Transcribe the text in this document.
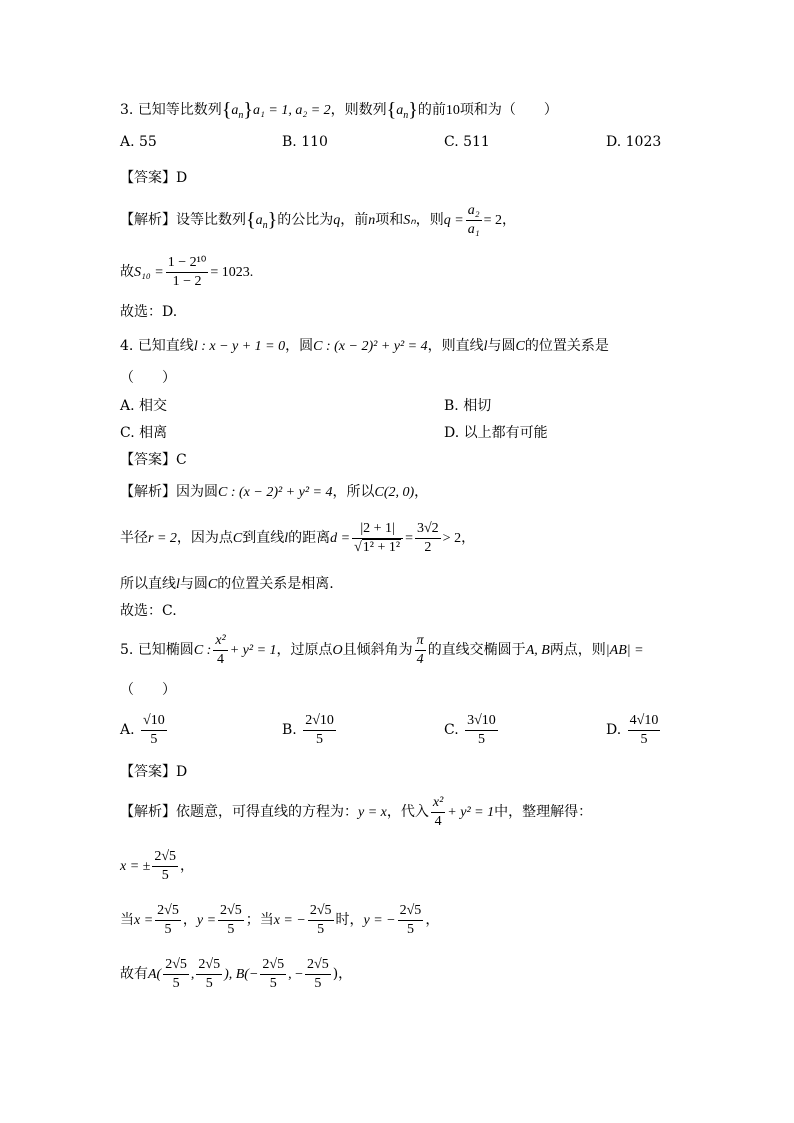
3. 已知等比数列$\{a_n\}a_1 = 1$, a₂ = 2，则数列$\{a_n\}$的前10项和为（　　）
A. 55	B. 110	C. 511	D. 1023
【答案】D
【解析】设等比数列$\{a_n\}$的公比为q，前n项和Sₙ，则$q = \frac{\text{a₂}}{\text{a₁}} = 2$，
故$S_{10} = \frac{\text{1 − 2¹⁰}}{1 - 2} = 1023$.
故选：D.
4. 已知直线l : x − y + 1 = 0，圆C : (x − 2)² + y² = 4，则直线l与圆C的位置关系是
（　　）
A. 相交	B. 相切
C. 相离	D. 以上都有可能
【答案】C
【解析】因为圆C : (x − 2)² + y² = 4，所以C(2, 0)，
半径r = 2，因为点C到直线l的距离$d = \frac{|2 + 1|}{\text{√1² + 1²}} = \frac{3√2}{2} > 2$，
所以直线l与圆C的位置关系是相离.
故选：C.
5. 已知椭圆C : $\frac{\text{x²}}{4} + y^2 = 1$，过原点O且倾斜角为 $\frac{\pi}{4}$ 的直线交椭圆于A, B两点，则|AB| =
（　　）
A. $\frac{√10}{5}$	B. $\frac{2√10}{5}$	C. $\frac{3√10}{5}$	D. $\frac{4√10}{5}$
【答案】D
【解析】依题意，可得直线的方程为：y = x，代入 $\frac{\text{x²}}{4} + y^2 = 1$中，整理解得：
x = ± $\frac{2√5}{5}$ ，
当$x = \frac{2√5}{5}$ ，$y = \frac{2√5}{5}$ ；当x = − $\frac{2√5}{5}$ 时，y = − $\frac{2√5}{5}$ ，
故有$A( \frac{2√5}{5}$ , $\frac{2√5}{5}$ ), $B(- \frac{2√5}{5}$ , − $\frac{2√5}{5}$ )，
